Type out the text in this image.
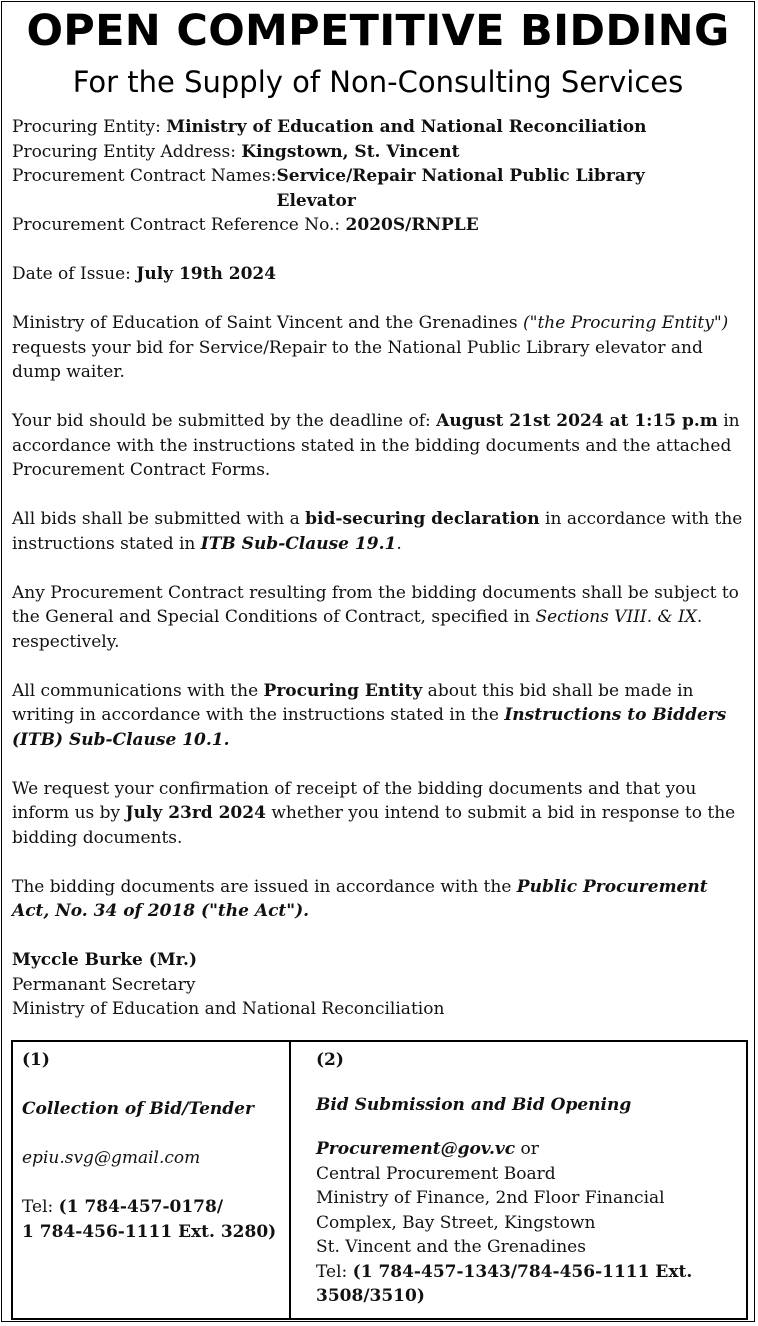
OPEN COMPETITIVE BIDDING
For the Supply of Non-Consulting Services

Procuring Entity: Ministry of Education and National Reconciliation

Procuring Entity Address: Kingstown, St. Vincent

Procurement Contract Names: Service/Repair National Public Library Elevator

Procurement Contract Reference No.: 2020S/RNPLE

Date of Issue: July 19th 2024

Ministry of Education of Saint Vincent and the Grenadines ("the Procuring Entity") requests your bid for Service/Repair to the National Public Library elevator and dump waiter.

Your bid should be submitted by the deadline of: August 21st 2024 at 1:15 p.m in accordance with the instructions stated in the bidding documents and the attached Procurement Contract Forms.

All bids shall be submitted with a bid-securing declaration in accordance with the instructions stated in ITB Sub-Clause 19.1.

Any Procurement Contract resulting from the bidding documents shall be subject to the General and Special Conditions of Contract, specified in Sections VIII. & IX. respectively.

All communications with the Procuring Entity about this bid shall be made in writing in accordance with the instructions stated in the Instructions to Bidders (ITB) Sub-Clause 10.1.

We request your confirmation of receipt of the bidding documents and that you inform us by July 23rd 2024 whether you intend to submit a bid in response to the bidding documents.

The bidding documents are issued in accordance with the Public Procurement Act, No. 34 of 2018 ("the Act").

Myccle Burke (Mr.)

Permanant Secretary

Ministry of Education and National Reconciliation

(1)

Collection of Bid/Tender

epiu.svg@gmail.com

Tel: (1 784-457-0178/

1 784-456-1111 Ext. 3280)

(2)

Bid Submission and Bid Opening

Procurement@gov.vc or

Central Procurement Board

Ministry of Finance, 2nd Floor Financial Complex, Bay Street, Kingstown

St. Vincent and the Grenadines

Tel: (1 784-457-1343/784-456-1111 Ext. 3508/3510)
